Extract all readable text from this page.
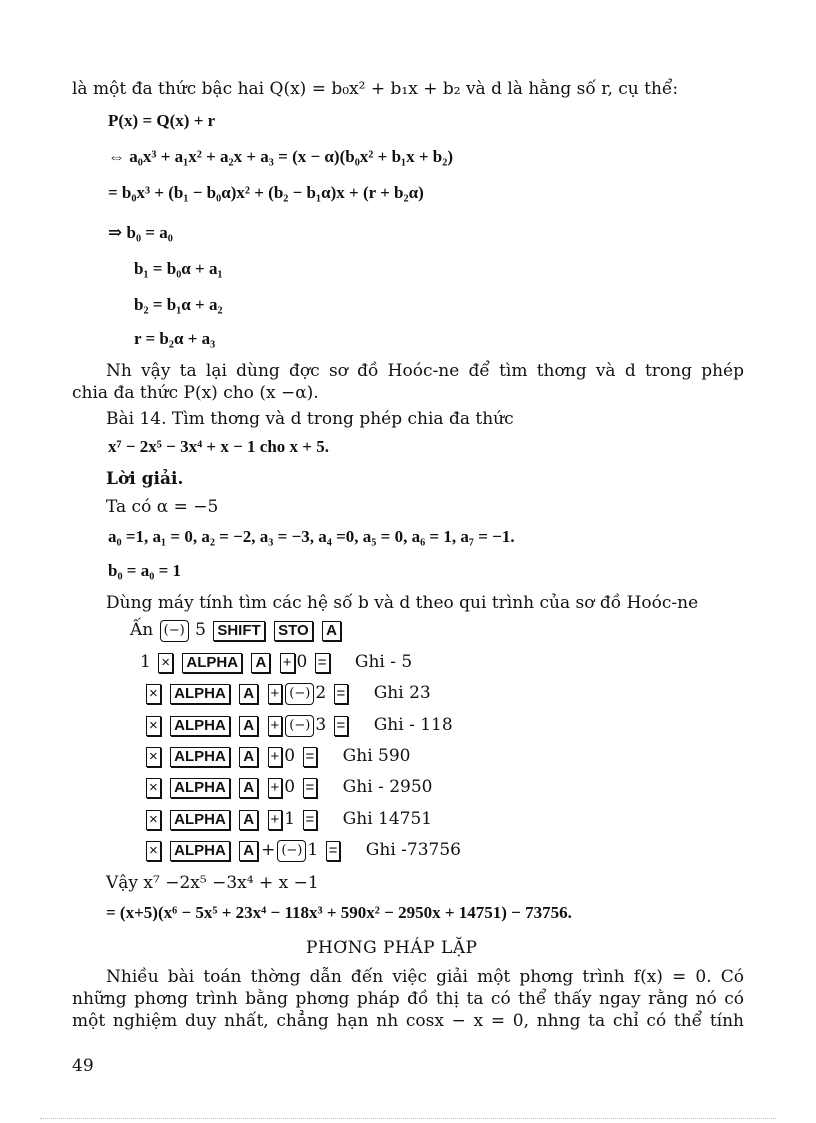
là một đa thức bậc hai Q(x) = b₀x² + b₁x + b₂ và d là hằng số r, cụ thể:
P(x) = Q(x) + r
⇔ a₀x³ + a₁x² + a₂x + a₃ = (x − α)(b₀x² + b₁x + b₂)
= b₀x³ + (b₁ − b₀α)x² + (b₂ − b₁α)x + (r + b₂α)
⇒ b₀ = a₀
b₁ = b₀α + a₁
b₂ = b₁α + a₂
r = b₂α + a₃
Nh vậy ta lại dùng đợc sơ đồ Hoóc-ne để tìm thơng và d trong phép
chia đa thức P(x) cho (x −α).
Bài 14. Tìm thơng và d trong phép chia đa thức
x⁷ − 2x⁵ − 3x⁴ + x − 1 cho x + 5.
Lời giải.
Ta có α = −5
a₀ =1, a₁ = 0, a₂ = −2, a₃ = −3, a₄ =0, a₅ = 0, a₆ = 1, a₇ = −1.
b₀ = a₀ = 1
Dùng máy tính tìm các hệ số b và d theo qui trình của sơ đồ Hoóc-ne
Ấn (−) 5 SHIFT STO A
1 × ALPHA A + 0 = Ghi - 5
× ALPHA A + (−) 2 = Ghi 23
× ALPHA A + (−) 3 = Ghi - 118
× ALPHA A + 0 = Ghi 590
× ALPHA A + 0 = Ghi - 2950
× ALPHA A + 1 = Ghi 14751
× ALPHA A + (−) 1 = Ghi -73756
Vậy x⁷ −2x⁵ −3x⁴ + x −1
= (x+5)(x⁶ − 5x⁵ + 23x⁴ − 118x³ + 590x² − 2950x + 14751) − 73756.
PHƠNG PHÁP LẶP
Nhiều bài toán thờng dẫn đến việc giải một phơng trình f(x) = 0. Có
những phơng trình bằng phơng pháp đồ thị ta có thể thấy ngay rằng nó có
một nghiệm duy nhất, chẳng hạn nh cosx − x = 0, nhng ta chỉ có thể tính
49
